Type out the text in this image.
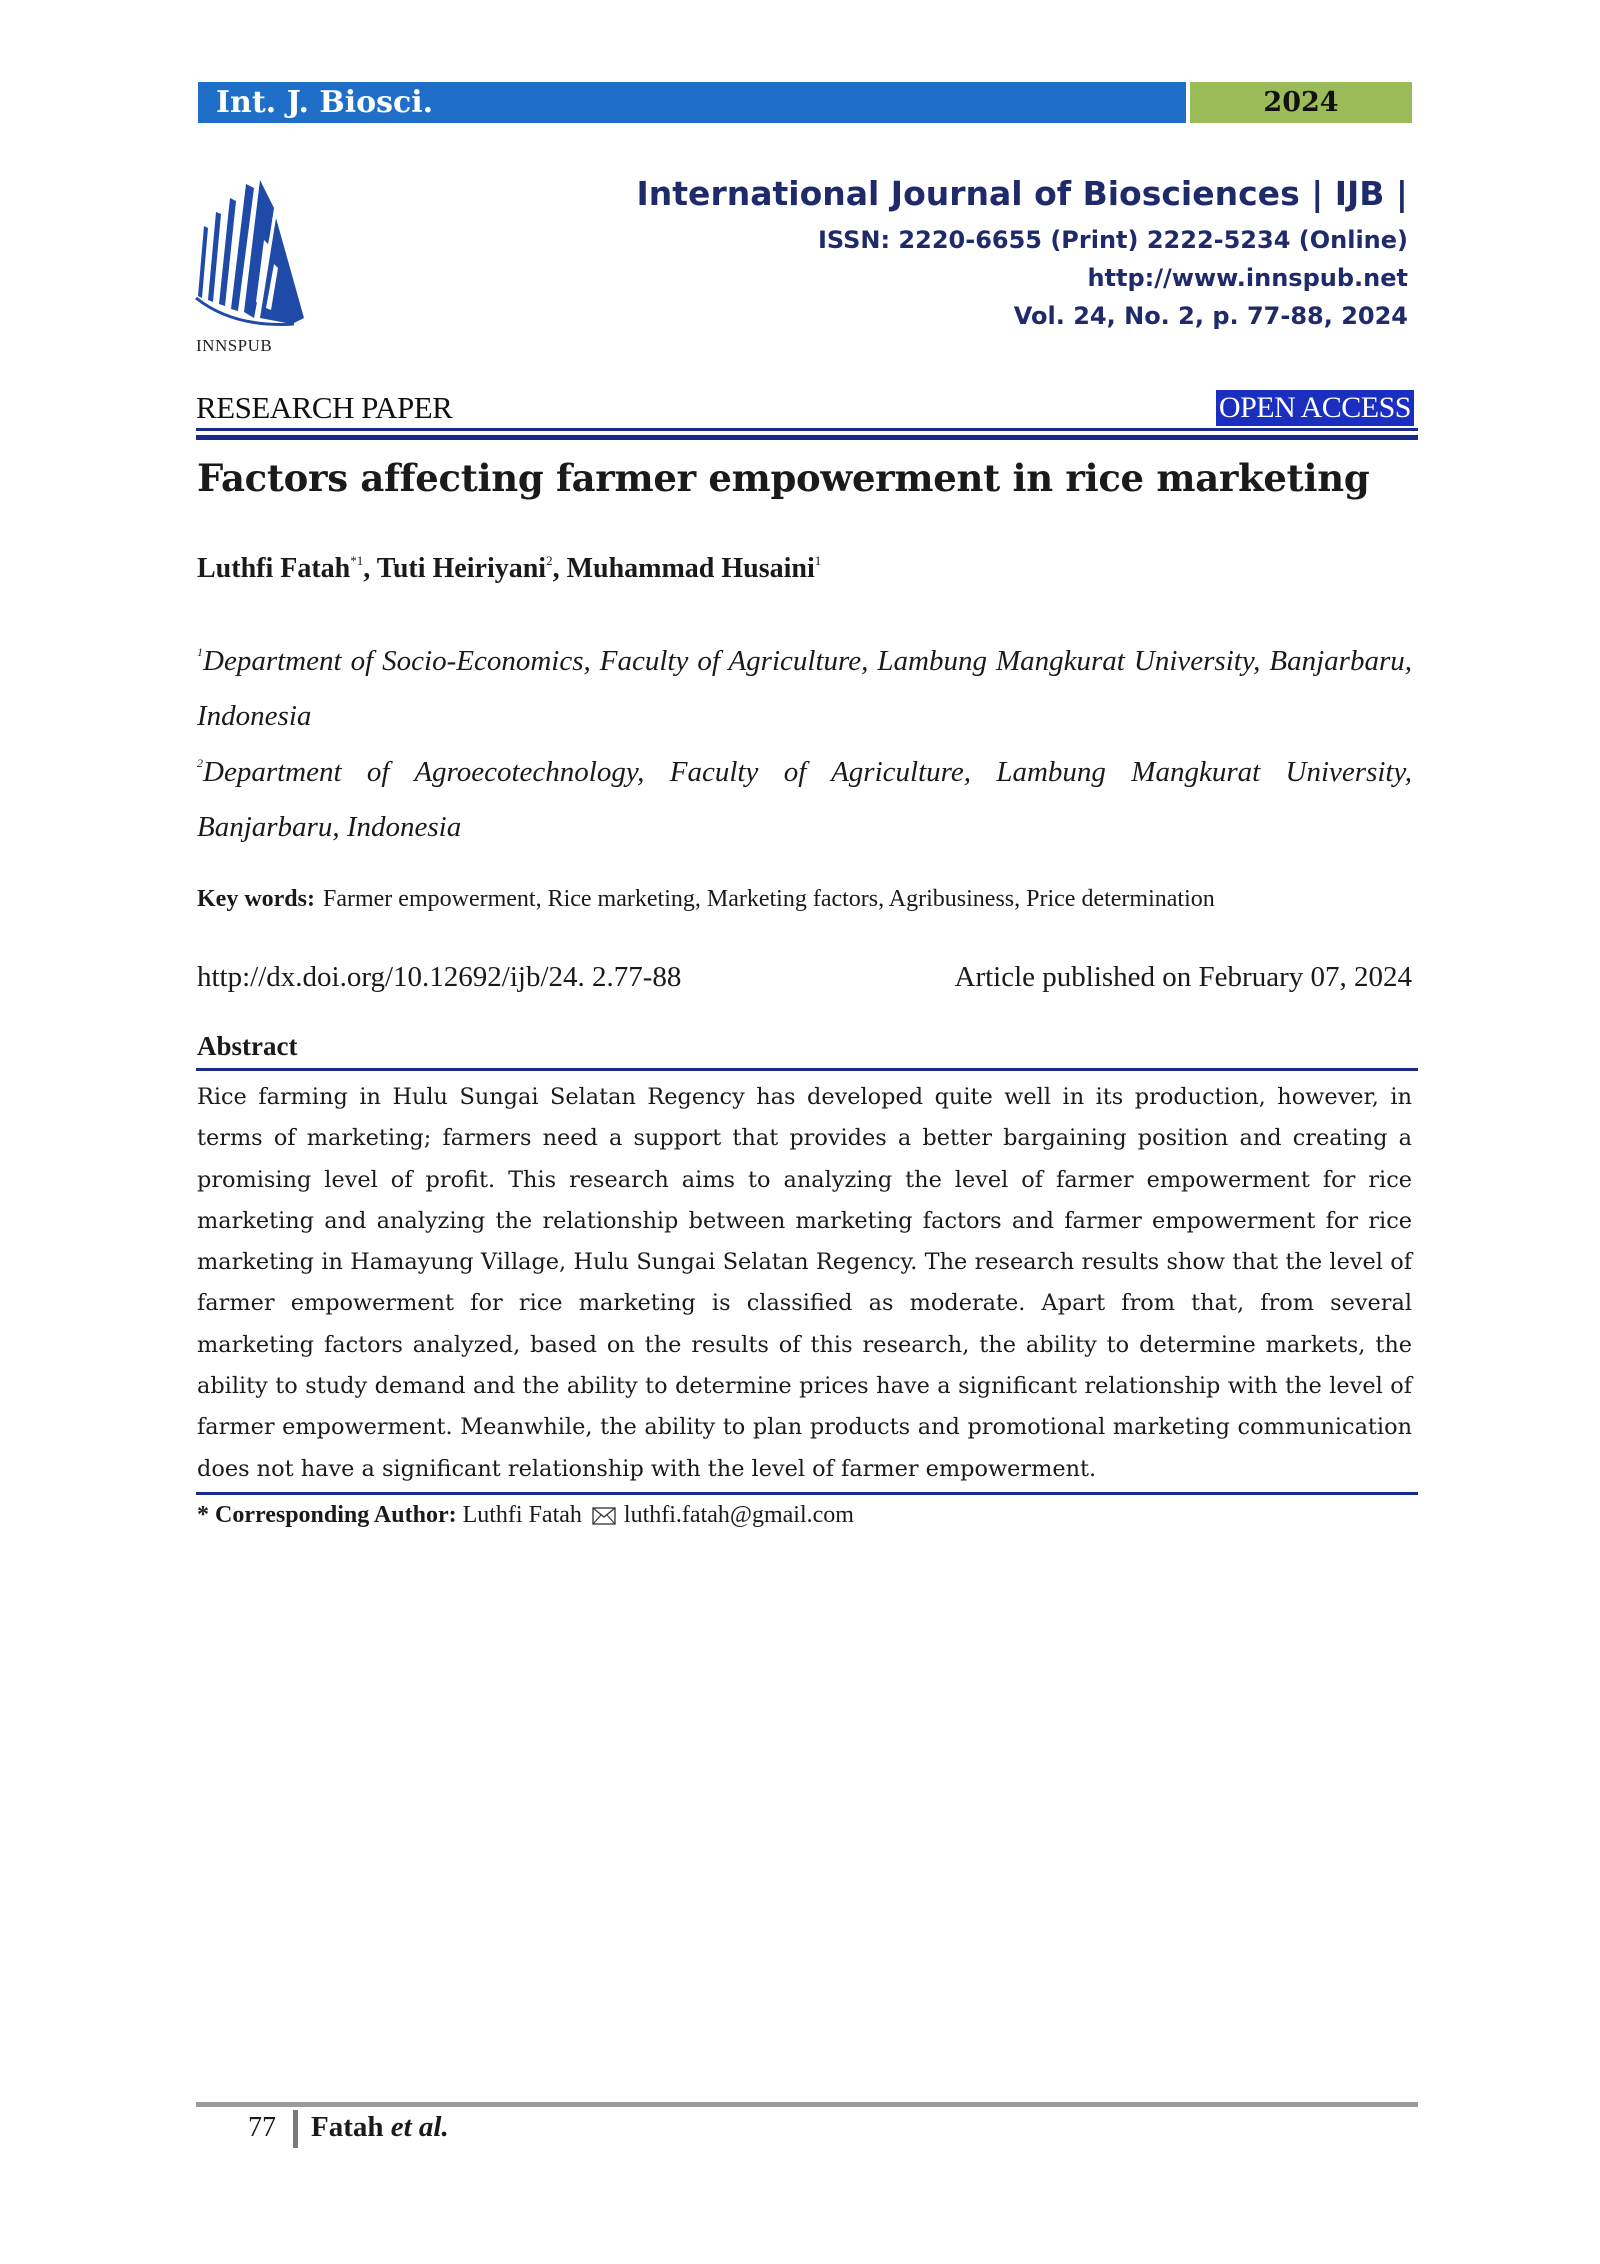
Int. J. Biosci.	2024
INNSPUB
International Journal of Biosciences | IJB |
ISSN: 2220-6655 (Print) 2222-5234 (Online)
http://www.innspub.net
Vol. 24, No. 2, p. 77-88, 2024
RESEARCH PAPER	OPEN ACCESS
Factors affecting farmer empowerment in rice marketing
Luthfi Fatah$^{*1}$, Tuti Heiriyani$^2$, Muhammad Husaini$^1$
$^1$Department of Socio-Economics, Faculty of Agriculture, Lambung Mangkurat University, Banjarbaru, Indonesia
$^2$Department of Agroecotechnology, Faculty of Agriculture, Lambung Mangkurat University, Banjarbaru, Indonesia
Key words: Farmer empowerment, Rice marketing, Marketing factors, Agribusiness, Price determination
http://dx.doi.org/10.12692/ijb/24. 2.77-88	Article published on February 07, 2024
Abstract

Rice farming in Hulu Sungai Selatan Regency has developed quite well in its production, however, in terms of marketing; farmers need a support that provides a better bargaining position and creating a promising level of profit. This research aims to analyzing the level of farmer empowerment for rice marketing and analyzing the relationship between marketing factors and farmer empowerment for rice marketing in Hamayung Village, Hulu Sungai Selatan Regency. The research results show that the level of farmer empowerment for rice marketing is classified as moderate. Apart from that, from several marketing factors analyzed, based on the results of this research, the ability to determine markets, the ability to study demand and the ability to determine prices have a significant relationship with the level of farmer empowerment. Meanwhile, the ability to plan products and promotional marketing communication does not have a significant relationship with the level of farmer empowerment.

* Corresponding Author: Luthfi Fatah luthfi.fatah@gmail.com
77 Fatah et al.
